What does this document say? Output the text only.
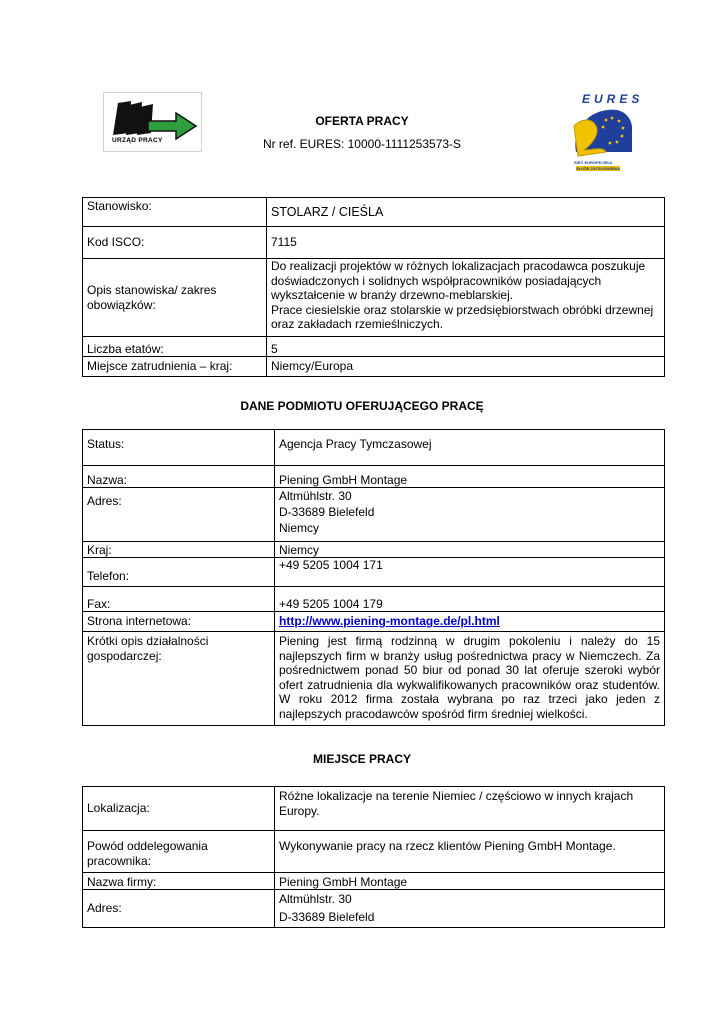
URZĄD PRACY
OFERTA PRACY
Nr ref. EURES: 10000-1111253573-S
EURES
SIEĆ EUROPEJSKA
SŁUŻB ZATRUDNIENIA
Stanowisko:	STOLARZ / CIEŚLA
Kod ISCO:	7115
Opis stanowiska/ zakres obowiązków:	Do realizacji projektów w różnych lokalizacjach pracodawca poszukuje
doświadczonych i solidnych współpracowników posiadających
wykształcenie w branży drzewno-meblarskiej.
Prace ciesielskie oraz stolarskie w przedsiębiorstwach obróbki drzewnej
oraz zakładach rzemieślniczych.

Liczba etatów:	5
Miejsce zatrudnienia – kraj:	Niemcy/Europa
DANE PODMIOTU OFERUJĄCEGO PRACĘ
Status:	Agencja Pracy Tymczasowej
Nazwa:	Piening GmbH Montage
Adres:	Altmühlstr. 30
D-33689 Bielefeld
Niemcy

Kraj:	Niemcy
Telefon:	+49 5205 1004 171
Fax:	+49 5205 1004 179
Strona internetowa:	http://www.piening-montage.de/pl.html
Krótki opis działalności gospodarczej:	Piening jest firmą rodzinną w drugim pokoleniu i należy do 15 najlepszych firm w branży usług pośrednictwa pracy w Niemczech. Za pośrednictwem ponad 50 biur od ponad 30 lat oferuje szeroki wybór ofert zatrudnienia dla wykwalifikowanych pracowników oraz studentów. W roku 2012 firma została wybrana po raz trzeci jako jeden z najlepszych pracodawców spośród firm średniej wielkości.
MIEJSCE PRACY
Lokalizacja:	Różne lokalizacje na terenie Niemiec / częściowo w innych krajach Europy.
Powód oddelegowania pracownika:	Wykonywanie pracy na rzecz klientów Piening GmbH Montage.
Nazwa firmy:	Piening GmbH Montage
Adres:	Altmühlstr. 30
D-33689 Bielefeld
